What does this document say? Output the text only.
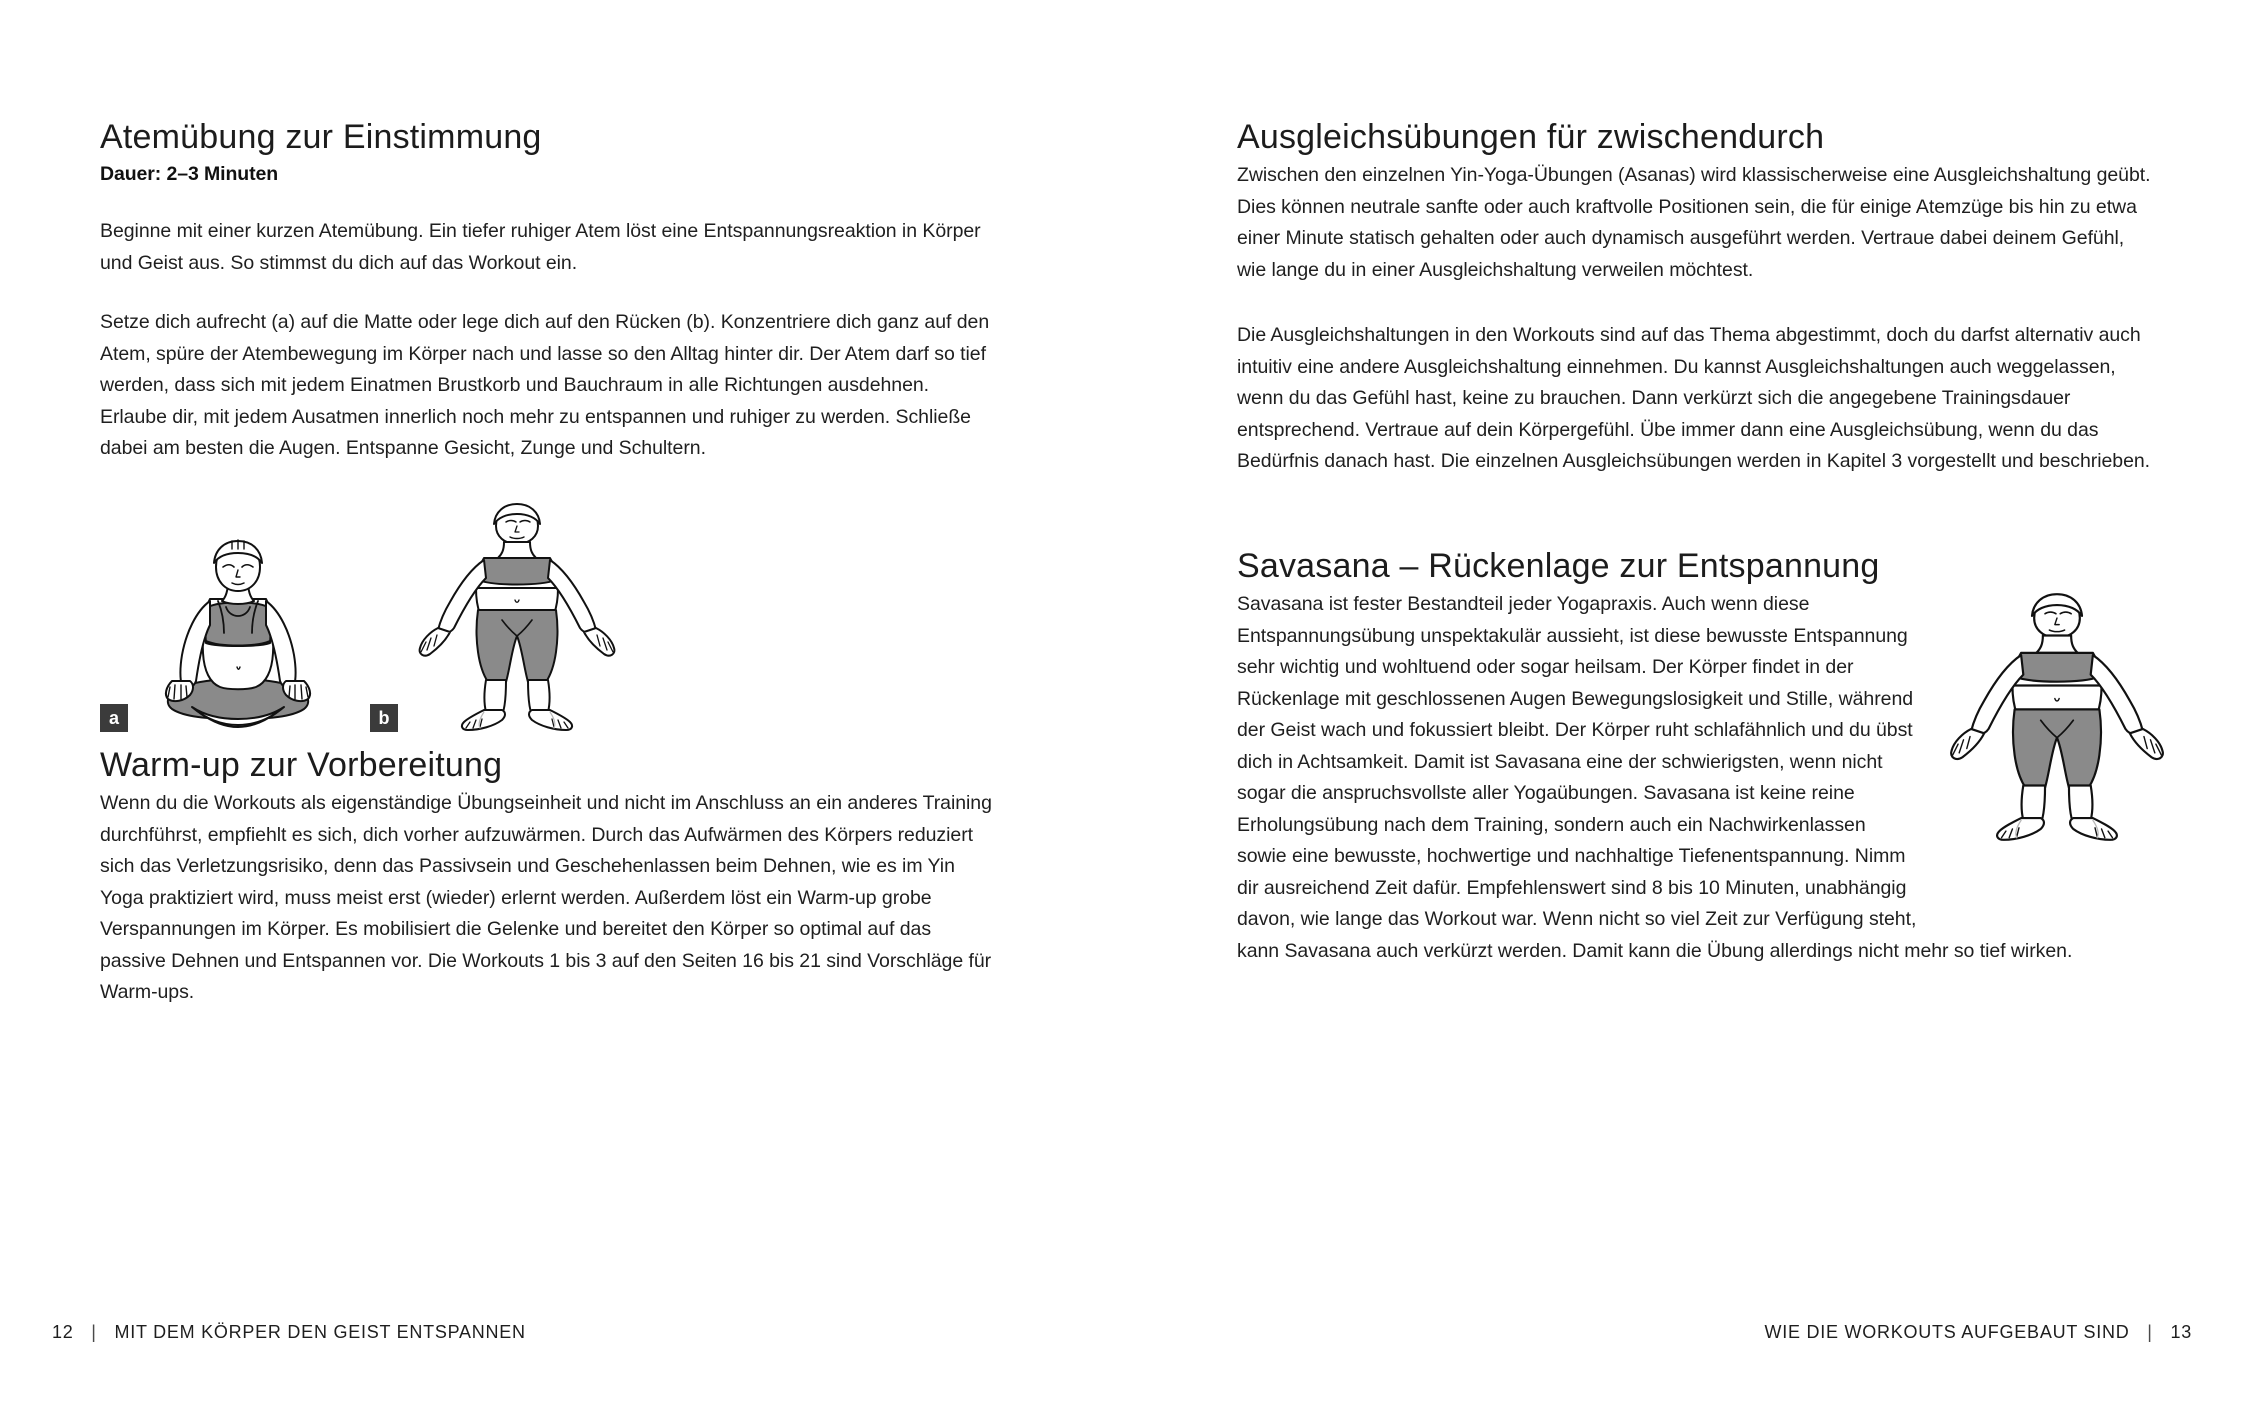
Atemübung zur Einstimmung
Dauer: 2–3 Minuten

Beginne mit einer kurzen Atemübung. Ein tiefer ruhiger Atem löst eine Entspannungsreaktion in Körper und Geist aus. So stimmst du dich auf das Workout ein.

Setze dich aufrecht (a) auf die Matte oder lege dich auf den Rücken (b). Konzentriere dich ganz auf den Atem, spüre der Atembewegung im Körper nach und lasse so den Alltag hinter dir. Der Atem darf so tief werden, dass sich mit jedem Einatmen Brustkorb und Bauchraum in alle Richtungen ausdehnen. Erlaube dir, mit jedem Ausatmen innerlich noch mehr zu entspannen und ruhiger zu werden. Schließe dabei am besten die Augen. Entspanne Gesicht, Zunge und Schultern.

a	b
Warm-up zur Vorbereitung

Wenn du die Workouts als eigenständige Übungseinheit und nicht im Anschluss an ein anderes Training durchführst, empfiehlt es sich, dich vorher aufzuwärmen. Durch das Aufwärmen des Körpers reduziert sich das Verletzungsrisiko, denn das Passivsein und Geschehenlassen beim Dehnen, wie es im Yin Yoga praktiziert wird, muss meist erst (wieder) erlernt werden. Außerdem löst ein Warm-up grobe Verspannungen im Körper. Es mobilisiert die Gelenke und bereitet den Körper so optimal auf das passive Dehnen und Entspannen vor. Die Workouts 1 bis 3 auf den Seiten 16 bis 21 sind Vorschläge für Warm-ups.

Ausgleichsübungen für zwischendurch

Zwischen den einzelnen Yin-Yoga-Übungen (Asanas) wird klassischerweise eine Ausgleichshaltung geübt. Dies können neutrale sanfte oder auch kraftvolle Positionen sein, die für einige Atemzüge bis hin zu etwa einer Minute statisch gehalten oder auch dynamisch ausgeführt werden. Vertraue dabei deinem Gefühl, wie lange du in einer Ausgleichshaltung verweilen möchtest.

Die Ausgleichshaltungen in den Workouts sind auf das Thema abgestimmt, doch du darfst alternativ auch intuitiv eine andere Ausgleichshaltung einnehmen. Du kannst Ausgleichshaltungen auch weggelassen, wenn du das Gefühl hast, keine zu brauchen. Dann verkürzt sich die angegebene Trainingsdauer entsprechend. Vertraue auf dein Körpergefühl. Übe immer dann eine Ausgleichsübung, wenn du das Bedürfnis danach hast. Die einzelnen Ausgleichsübungen werden in Kapitel 3 vorgestellt und beschrieben.

Savasana – Rückenlage zur Entspannung

Savasana ist fester Bestandteil jeder Yogapraxis. Auch wenn diese Entspannungsübung unspektakulär aussieht, ist diese bewusste Entspannung sehr wichtig und wohltuend oder sogar heilsam. Der Körper findet in der Rückenlage mit geschlossenen Augen Bewegungslosigkeit und Stille, während der Geist wach und fokussiert bleibt. Der Körper ruht schlafähnlich und du übst dich in Achtsamkeit. Damit ist Savasana eine der schwierigsten, wenn nicht sogar die anspruchsvollste aller Yogaübungen. Savasana ist keine reine Erholungsübung nach dem Training, sondern auch ein Nachwirkenlassen sowie eine bewusste, hochwertige und nachhaltige Tiefenentspannung. Nimm dir ausreichend Zeit dafür. Empfehlenswert sind 8 bis 10 Minuten, unabhängig davon, wie lange das Workout war. Wenn nicht so viel Zeit zur Verfügung steht, kann Savasana auch verkürzt werden. Damit kann die Übung allerdings nicht mehr so tief wirken.

12 | MIT DEM KÖRPER DEN GEIST ENTSPANNEN	WIE DIE WORKOUTS AUFGEBAUT SIND | 13
